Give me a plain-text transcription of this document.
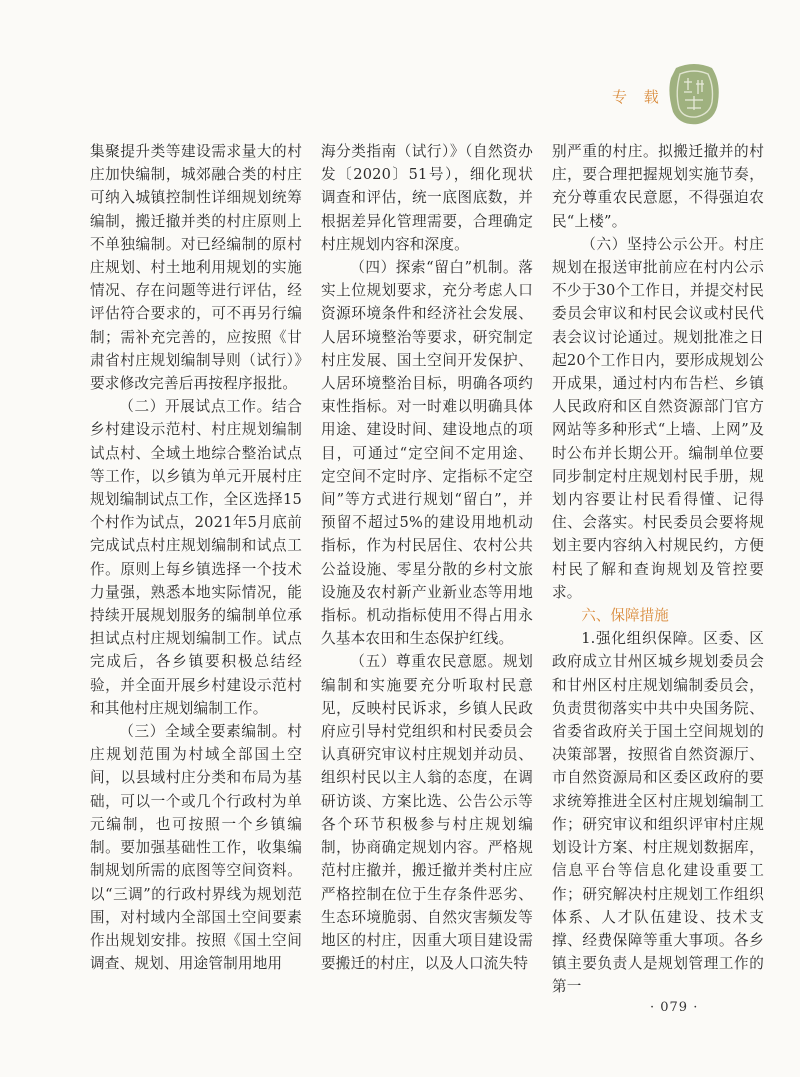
专 载

集聚提升类等建设需求量大的村庄加快编制，城郊融合类的村庄可纳入城镇控制性详细规划统筹编制，搬迁撤并类的村庄原则上不单独编制。对已经编制的原村庄规划、村土地利用规划的实施情况、存在问题等进行评估，经评估符合要求的，可不再另行编制；需补充完善的，应按照《甘肃省村庄规划编制导则（试行）》要求修改完善后再按程序报批。

（二）开展试点工作。结合乡村建设示范村、村庄规划编制试点村、全域土地综合整治试点等工作，以乡镇为单元开展村庄规划编制试点工作，全区选择15个村作为试点，2021年5月底前完成试点村庄规划编制和试点工作。原则上每乡镇选择一个技术力量强，熟悉本地实际情况，能持续开展规划服务的编制单位承担试点村庄规划编制工作。试点完成后，各乡镇要积极总结经验，并全面开展乡村建设示范村和其他村庄规划编制工作。

（三）全域全要素编制。村庄规划范围为村域全部国土空间，以县域村庄分类和布局为基础，可以一个或几个行政村为单元编制，也可按照一个乡镇编制。要加强基础性工作，收集编制规划所需的底图等空间资料。以“三调”的行政村界线为规划范围，对村域内全部国土空间要素作出规划安排。按照《国土空间调查、规划、用途管制用地用

海分类指南（试行）》（自然资办发〔2020〕51号），细化现状调查和评估，统一底图底数，并根据差异化管理需要，合理确定村庄规划内容和深度。

（四）探索“留白”机制。落实上位规划要求，充分考虑人口资源环境条件和经济社会发展、人居环境整治等要求，研究制定村庄发展、国土空间开发保护、人居环境整治目标，明确各项约束性指标。对一时难以明确具体用途、建设时间、建设地点的项目，可通过“定空间不定用途、定空间不定时序、定指标不定空间”等方式进行规划“留白”，并预留不超过5%的建设用地机动指标，作为村民居住、农村公共公益设施、零星分散的乡村文旅设施及农村新产业新业态等用地指标。机动指标使用不得占用永久基本农田和生态保护红线。

（五）尊重农民意愿。规划编制和实施要充分听取村民意见，反映村民诉求，乡镇人民政府应引导村党组织和村民委员会认真研究审议村庄规划并动员、组织村民以主人翁的态度，在调研访谈、方案比选、公告公示等各个环节积极参与村庄规划编制，协商确定规划内容。严格规范村庄撤并，搬迁撤并类村庄应严格控制在位于生存条件恶劣、生态环境脆弱、自然灾害频发等地区的村庄，因重大项目建设需要搬迁的村庄，以及人口流失特

别严重的村庄。拟搬迁撤并的村庄，要合理把握规划实施节奏，充分尊重农民意愿，不得强迫农民“上楼”。

（六）坚持公示公开。村庄规划在报送审批前应在村内公示不少于30个工作日，并提交村民委员会审议和村民会议或村民代表会议讨论通过。规划批准之日起20个工作日内，要形成规划公开成果，通过村内布告栏、乡镇人民政府和区自然资源部门官方网站等多种形式“上墙、上网”及时公布并长期公开。编制单位要同步制定村庄规划村民手册，规划内容要让村民看得懂、记得住、会落实。村民委员会要将规划主要内容纳入村规民约，方便村民了解和查询规划及管控要求。

六、保障措施

1.强化组织保障。区委、区政府成立甘州区城乡规划委员会和甘州区村庄规划编制委员会，负责贯彻落实中共中央国务院、省委省政府关于国土空间规划的决策部署，按照省自然资源厅、市自然资源局和区委区政府的要求统筹推进全区村庄规划编制工作；研究审议和组织评审村庄规划设计方案、村庄规划数据库，信息平台等信息化建设重要工作；研究解决村庄规划工作组织体系、人才队伍建设、技术支撑、经费保障等重大事项。各乡镇主要负责人是规划管理工作的第一

· 079 ·
